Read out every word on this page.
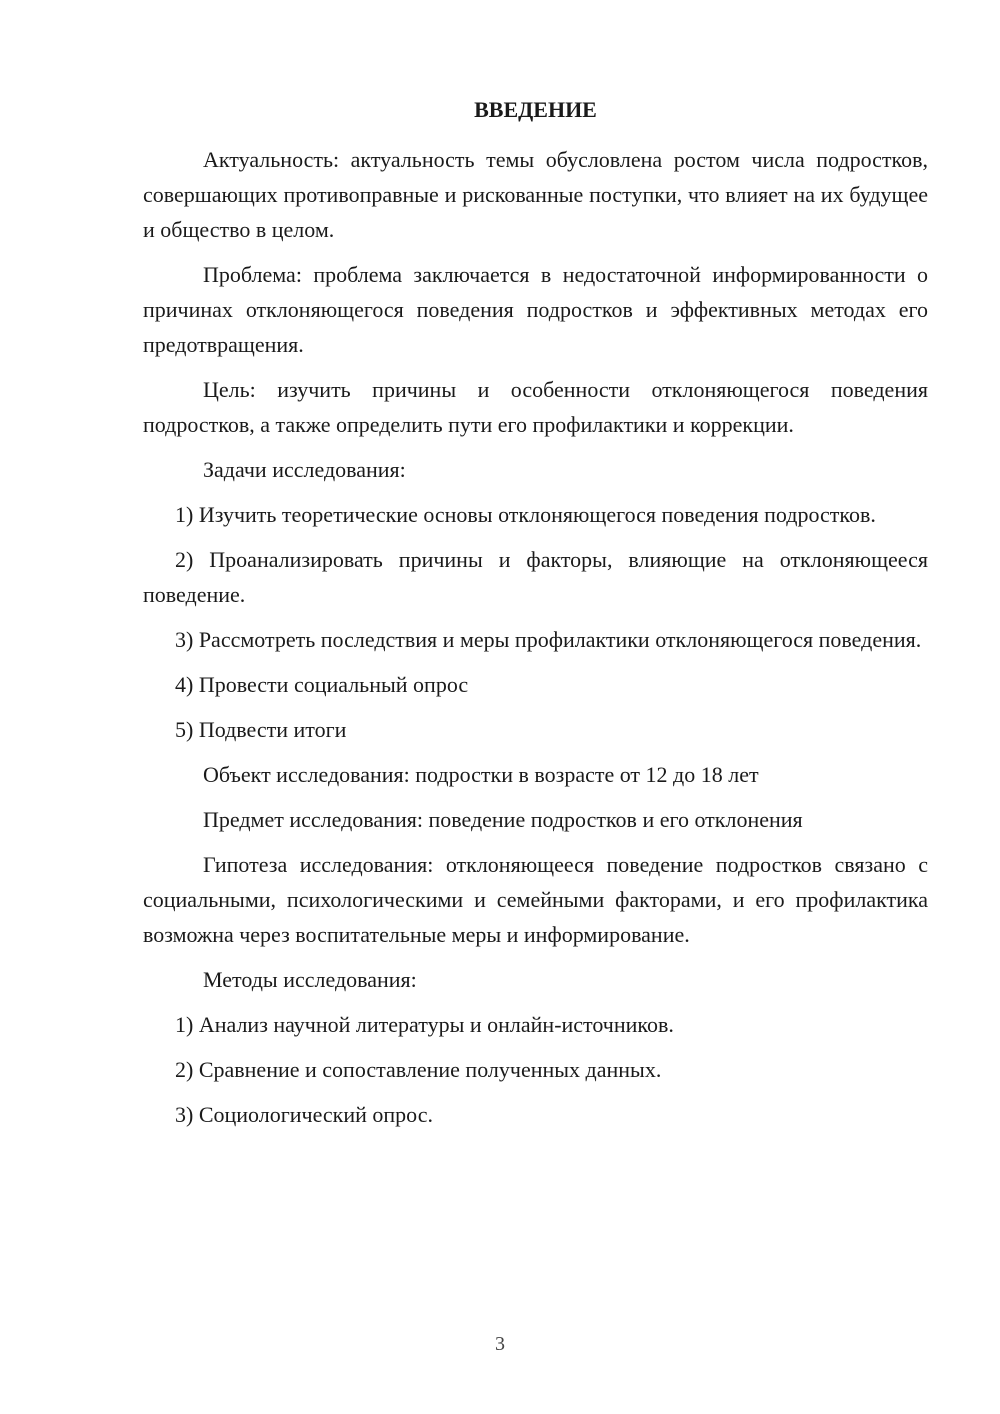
ВВЕДЕНИЕ

Актуальность: актуальность темы обусловлена ростом числа подростков, совершающих противоправные и рискованные поступки, что влияет на их будущее и общество в целом.

Проблема: проблема заключается в недостаточной информированности о причинах отклоняющегося поведения подростков и эффективных методах его предотвращения.

Цель: изучить причины и особенности отклоняющегося поведения подростков, а также определить пути его профилактики и коррекции.

Задачи исследования:

1) Изучить теоретические основы отклоняющегося поведения подростков.

2) Проанализировать причины и факторы, влияющие на отклоняющееся поведение.

3) Рассмотреть последствия и меры профилактики отклоняющегося поведения.

4) Провести социальный опрос

5) Подвести итоги

Объект исследования: подростки в возрасте от 12 до 18 лет

Предмет исследования: поведение подростков и его отклонения

Гипотеза исследования: отклоняющееся поведение подростков связано с социальными, психологическими и семейными факторами, и его профилактика возможна через воспитательные меры и информирование.

Методы исследования:

1) Анализ научной литературы и онлайн-источников.

2) Сравнение и сопоставление полученных данных.

3) Социологический опрос.

3
